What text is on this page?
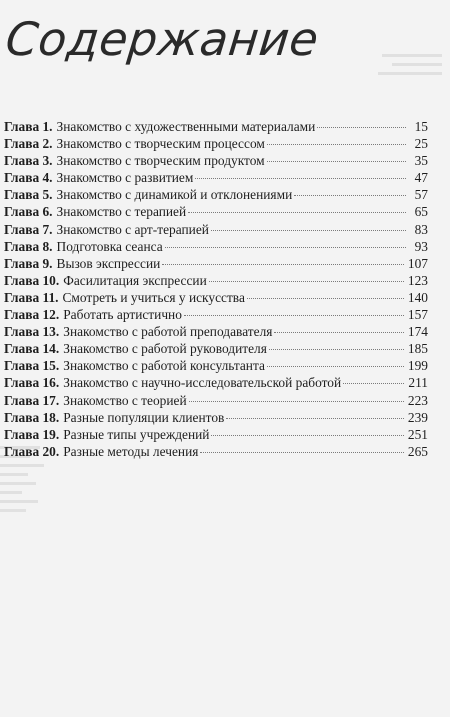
Содержание
Глава 1. Знакомство с художественными материалами	15
Глава 2. Знакомство с творческим процессом	25
Глава 3. Знакомство с творческим продуктом	35
Глава 4. Знакомство с развитием	47
Глава 5. Знакомство с динамикой и отклонениями	57
Глава 6. Знакомство с терапией	65
Глава 7. Знакомство с арт-терапией	83
Глава 8. Подготовка сеанса	93
Глава 9. Вызов экспрессии	107
Глава 10. Фасилитация экспрессии	123
Глава 11. Смотреть и учиться у искусства	140
Глава 12. Работать артистично	157
Глава 13. Знакомство с работой преподавателя	174
Глава 14. Знакомство с работой руководителя	185
Глава 15. Знакомство с работой консультанта	199
Глава 16. Знакомство с научно-исследовательской работой	211
Глава 17. Знакомство с теорией	223
Глава 18. Разные популяции клиентов	239
Глава 19. Разные типы учреждений	251
Глава 20. Разные методы лечения	265
